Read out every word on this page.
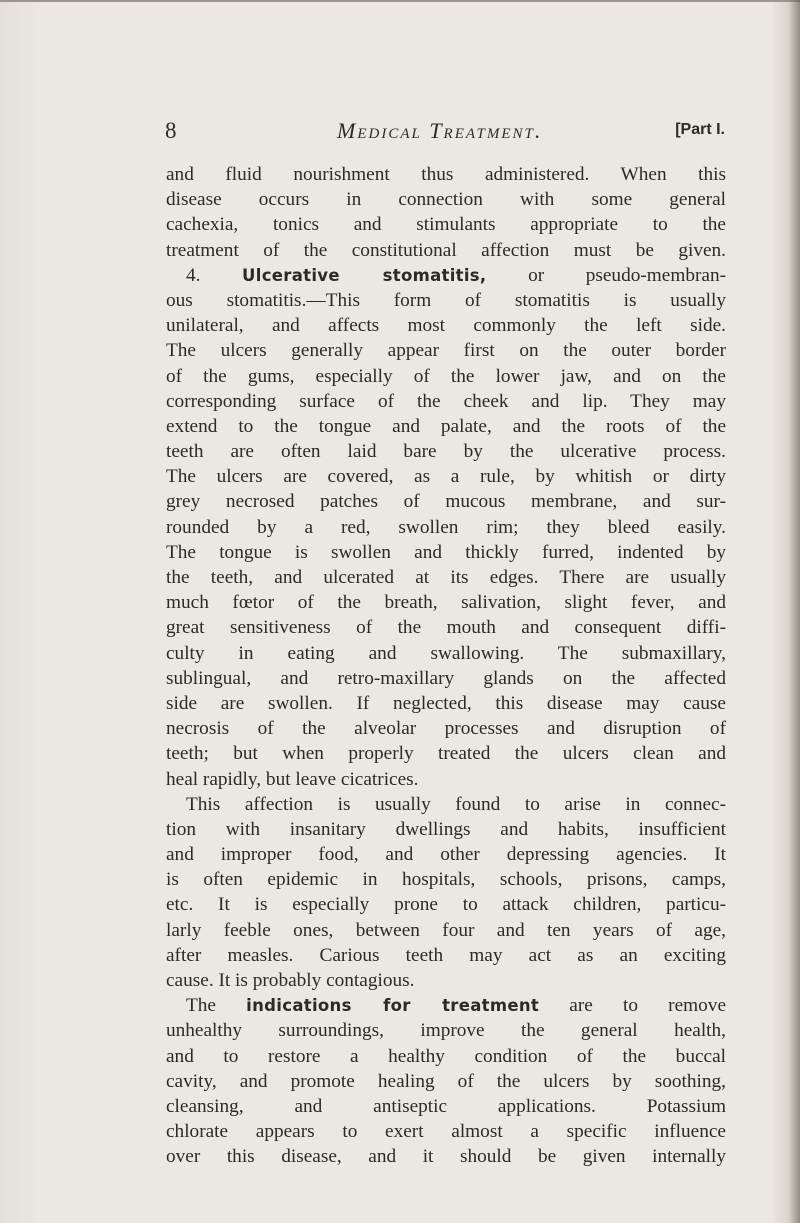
8	Medical Treatment.	[Part I.
and fluid nourishment thus administered. When this
disease occurs in connection with some general
cachexia, tonics and stimulants appropriate to the
treatment of the constitutional affection must be given.
4. Ulcerative stomatitis, or pseudo-membran-
ous stomatitis.—This form of stomatitis is usually
unilateral, and affects most commonly the left side.
The ulcers generally appear first on the outer border
of the gums, especially of the lower jaw, and on the
corresponding surface of the cheek and lip. They may
extend to the tongue and palate, and the roots of the
teeth are often laid bare by the ulcerative process.
The ulcers are covered, as a rule, by whitish or dirty
grey necrosed patches of mucous membrane, and sur-
rounded by a red, swollen rim; they bleed easily.
The tongue is swollen and thickly furred, indented by
the teeth, and ulcerated at its edges. There are usually
much fœtor of the breath, salivation, slight fever, and
great sensitiveness of the mouth and consequent diffi-
culty in eating and swallowing. The submaxillary,
sublingual, and retro-maxillary glands on the affected
side are swollen. If neglected, this disease may cause
necrosis of the alveolar processes and disruption of
teeth; but when properly treated the ulcers clean and
heal rapidly, but leave cicatrices.
This affection is usually found to arise in connec-
tion with insanitary dwellings and habits, insufficient
and improper food, and other depressing agencies. It
is often epidemic in hospitals, schools, prisons, camps,
etc. It is especially prone to attack children, particu-
larly feeble ones, between four and ten years of age,
after measles. Carious teeth may act as an exciting
cause. It is probably contagious.
The indications for treatment are to remove
unhealthy surroundings, improve the general health,
and to restore a healthy condition of the buccal
cavity, and promote healing of the ulcers by soothing,
cleansing, and antiseptic applications. Potassium
chlorate appears to exert almost a specific influence
over this disease, and it should be given internally
